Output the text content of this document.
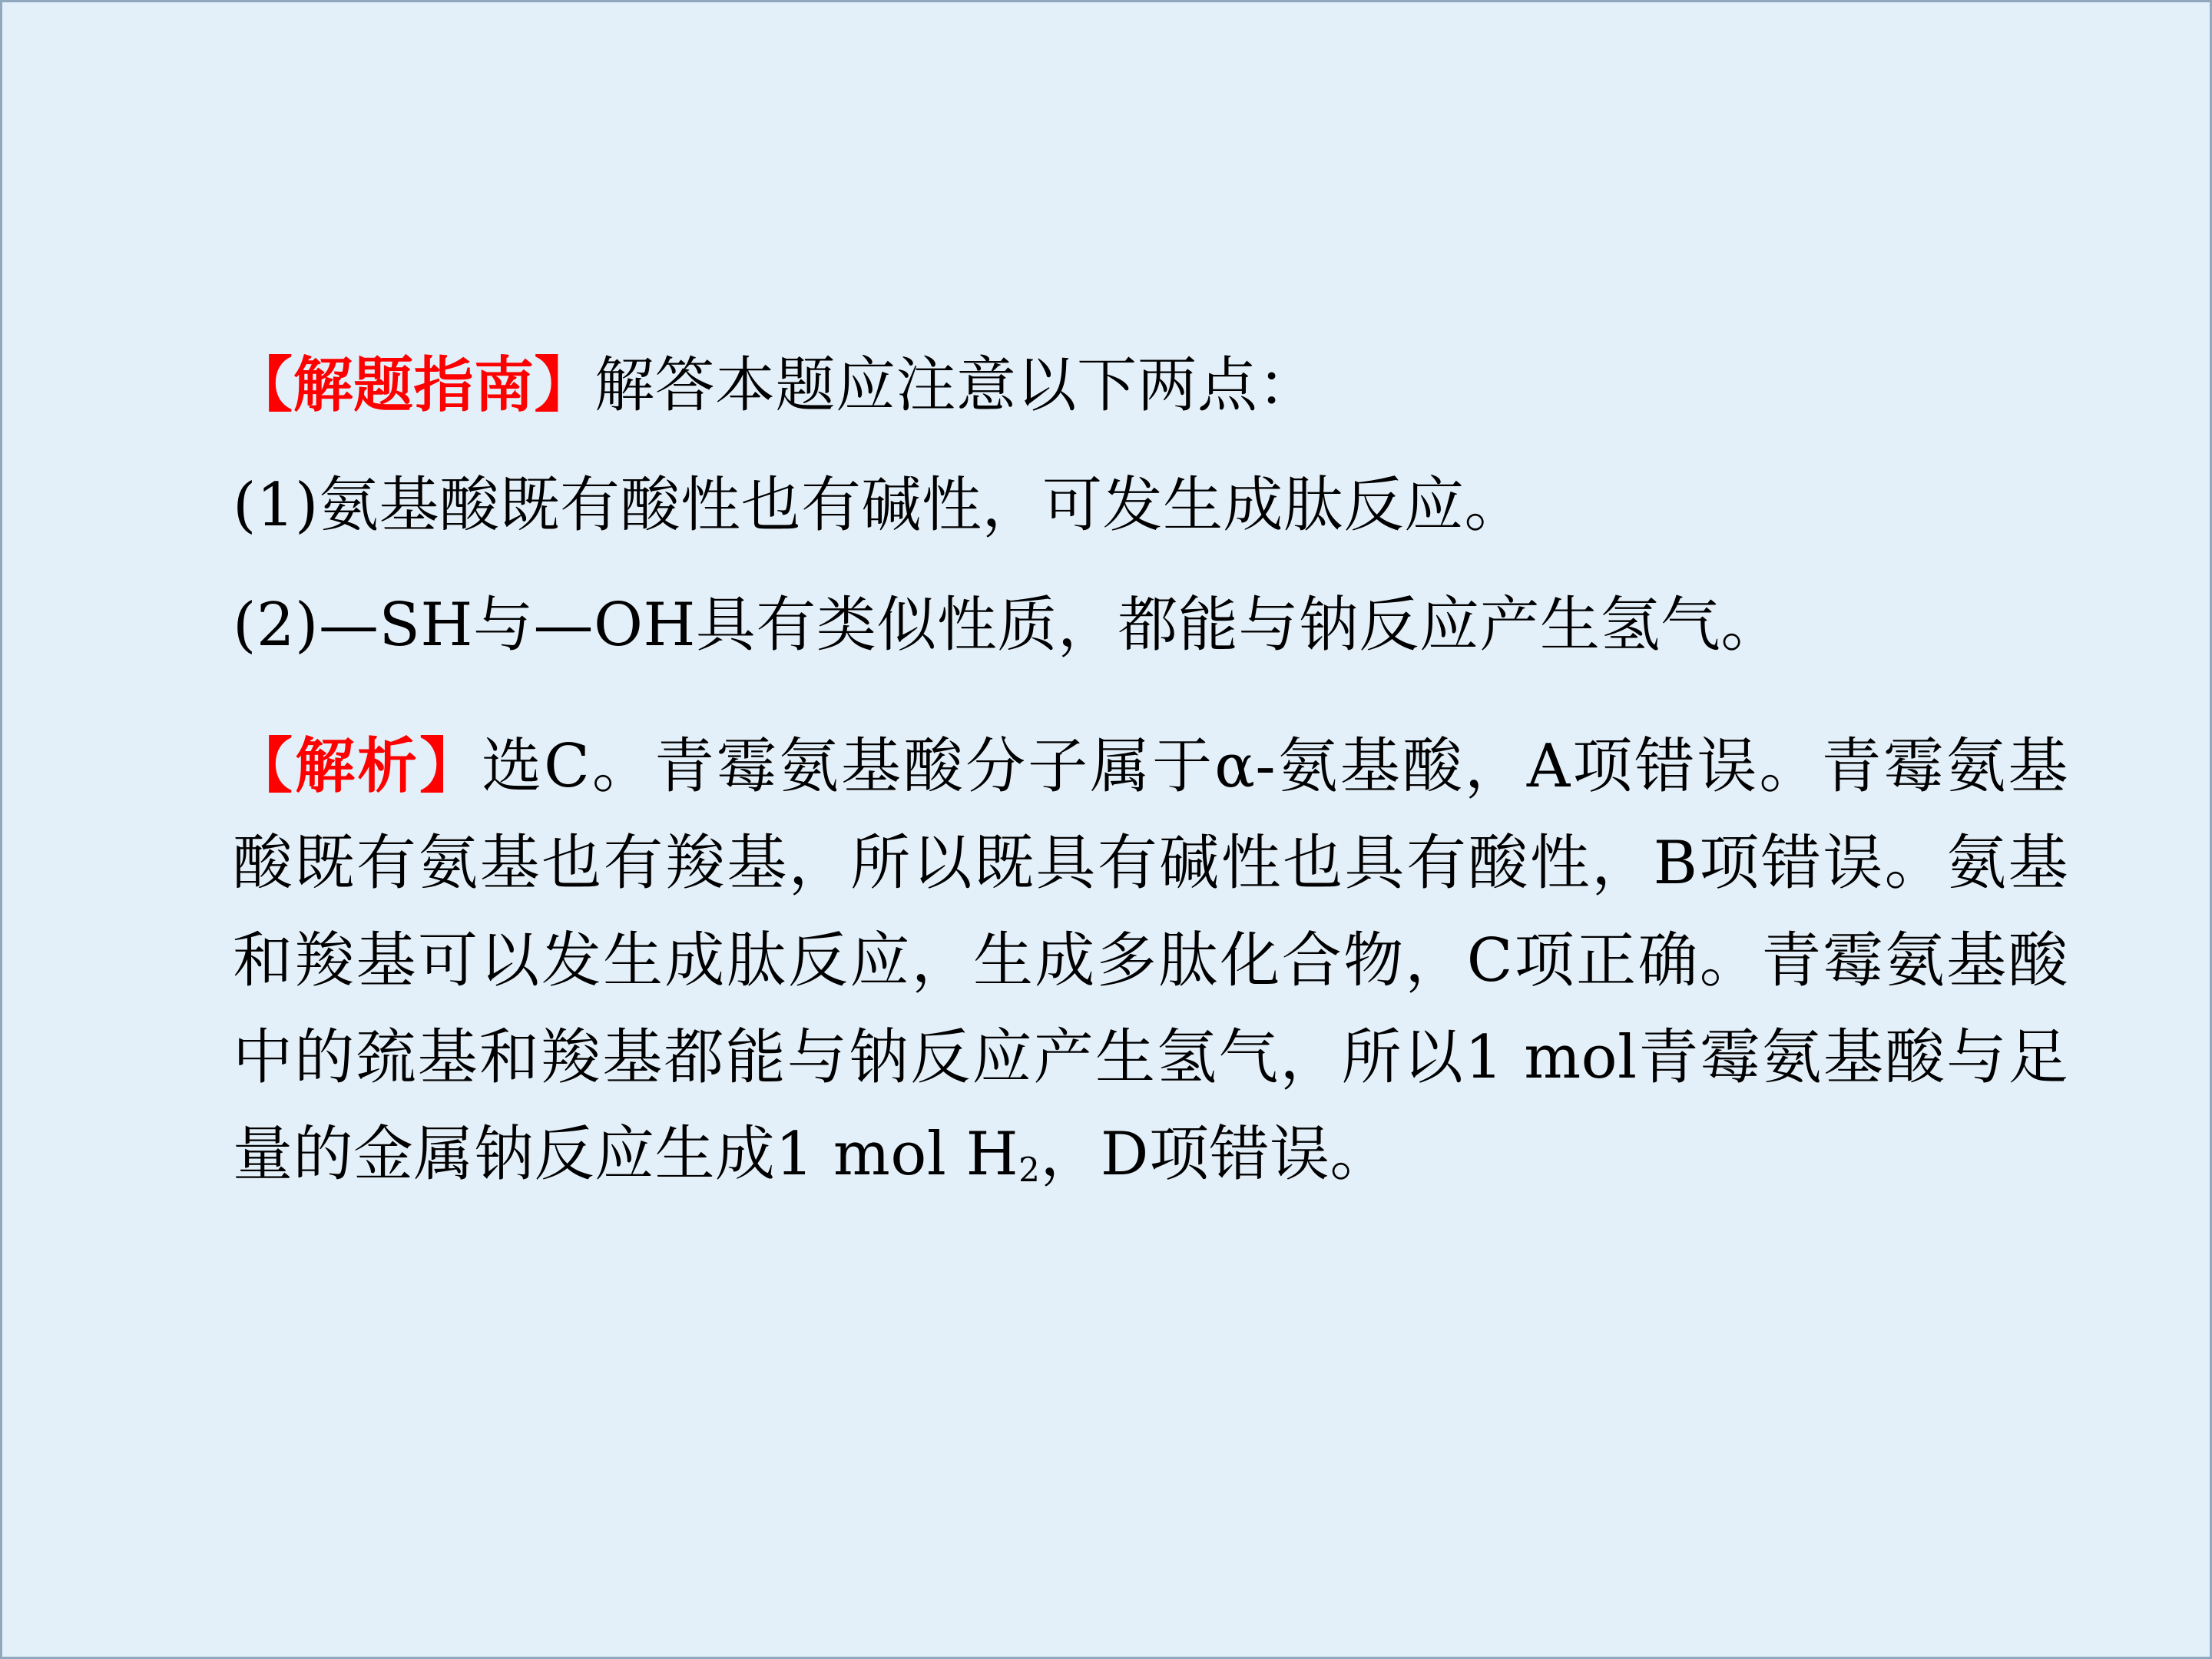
【解题指南】解答本题应注意以下两点：
(1)氨基酸既有酸性也有碱性，可发生成肽反应。
(2)—SH与—OH具有类似性质，都能与钠反应产生氢气。
【解析】选C。青霉氨基酸分子属于α-氨基酸，A项错误。青霉氨基酸既有氨基也有羧基，所以既具有碱性也具有酸性，B项错误。氨基和羧基可以发生成肽反应，生成多肽化合物，C项正确。青霉氨基酸中的巯基和羧基都能与钠反应产生氢气，所以1 mol青霉氨基酸与足量的金属钠反应生成1 mol $H_2$，D项错误。
